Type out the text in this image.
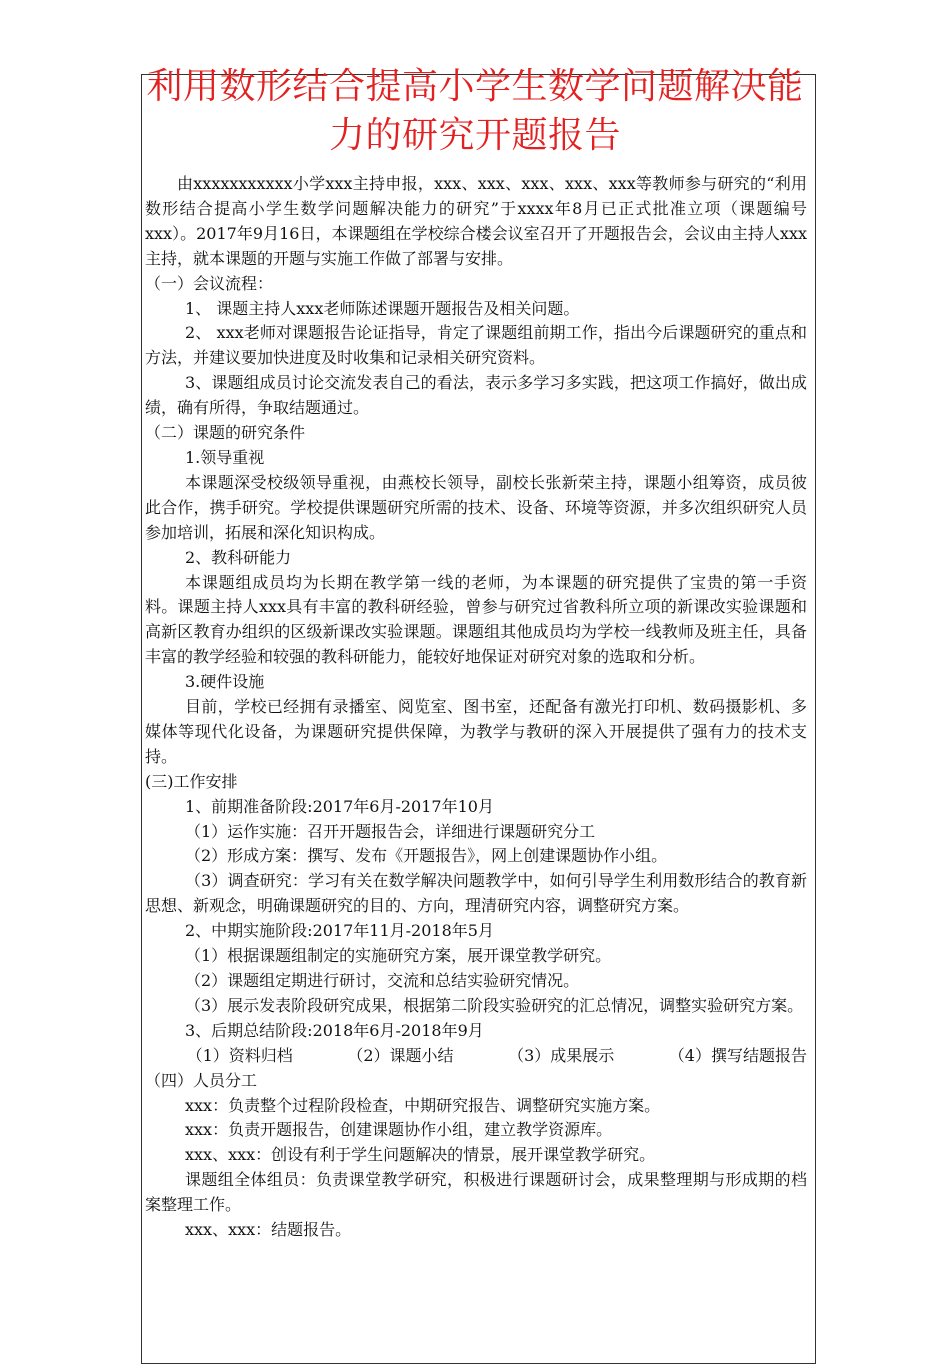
利用数形结合提高小学生数学问题解决能力的研究开题报告

由xxxxxxxxxxx小学xxx主持申报，xxx、xxx、xxx、xxx、xxx等教师参与研究的“利用数形结合提高小学生数学问题解决能力的研究”于xxxx年8月已正式批准立项（课题编号xxx）。2017年9月16日，本课题组在学校综合楼会议室召开了开题报告会，会议由主持人xxx主持，就本课题的开题与实施工作做了部署与安排。

（一）会议流程：

1、 课题主持人xxx老师陈述课题开题报告及相关问题。

2、 xxx老师对课题报告论证指导，肯定了课题组前期工作，指出今后课题研究的重点和方法，并建议要加快进度及时收集和记录相关研究资料。

3、课题组成员讨论交流发表自己的看法，表示多学习多实践，把这项工作搞好，做出成绩，确有所得，争取结题通过。

（二）课题的研究条件

1.领导重视

本课题深受校级领导重视，由燕校长领导，副校长张新荣主持，课题小组筹资，成员彼此合作，携手研究。学校提供课题研究所需的技术、设备、环境等资源，并多次组织研究人员参加培训，拓展和深化知识构成。

2、教科研能力

本课题组成员均为长期在教学第一线的老师，为本课题的研究提供了宝贵的第一手资料。课题主持人xxx具有丰富的教科研经验，曾参与研究过省教科所立项的新课改实验课题和高新区教育办组织的区级新课改实验课题。课题组其他成员均为学校一线教师及班主任，具备丰富的教学经验和较强的教科研能力，能较好地保证对研究对象的选取和分析。

3.硬件设施

目前，学校已经拥有录播室、阅览室、图书室，还配备有激光打印机、数码摄影机、多媒体等现代化设备，为课题研究提供保障，为教学与教研的深入开展提供了强有力的技术支持。

(三)工作安排

1、前期准备阶段:2017年6月-2017年10月

（1）运作实施：召开开题报告会，详细进行课题研究分工

（2）形成方案：撰写、发布《开题报告》，网上创建课题协作小组。

（3）调查研究：学习有关在数学解决问题教学中，如何引导学生利用数形结合的教育新思想、新观念，明确课题研究的目的、方向，理清研究内容，调整研究方案。

2、中期实施阶段:2017年11月-2018年5月

（1）根据课题组制定的实施研究方案，展开课堂教学研究。

（2）课题组定期进行研讨，交流和总结实验研究情况。

（3）展示发表阶段研究成果，根据第二阶段实验研究的汇总情况，调整实验研究方案。

3、后期总结阶段:2018年6月-2018年9月

（1）资料归档	（2）课题小结	（3）成果展示	（4）撰写结题报告

（四）人员分工

xxx：负责整个过程阶段检查，中期研究报告、调整研究实施方案。

xxx：负责开题报告，创建课题协作小组，建立教学资源库。

xxx、xxx：创设有利于学生问题解决的情景，展开课堂教学研究。

课题组全体组员：负责课堂教学研究，积极进行课题研讨会，成果整理期与形成期的档案整理工作。

xxx、xxx：结题报告。
